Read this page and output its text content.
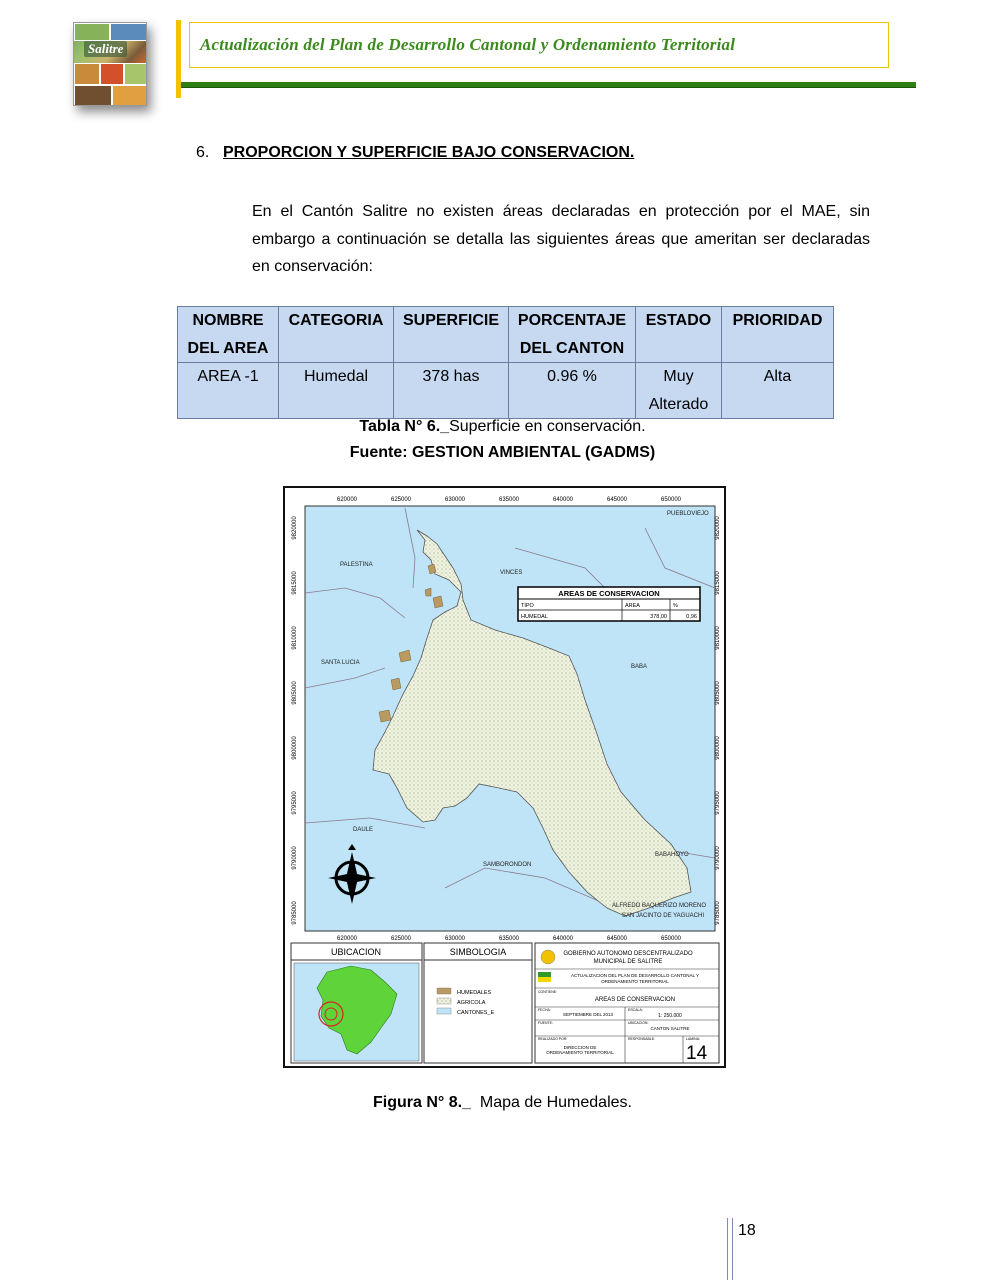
Salitre	Actualización del Plan de Desarrollo Cantonal y Ordenamiento Territorial
6. PROPORCION Y SUPERFICIE BAJO CONSERVACION.
En el Cantón Salitre no existen áreas declaradas en protección por el MAE, sin embargo a continuación se detalla las siguientes áreas que ameritan ser declaradas en conservación:
NOMBRE DEL AREA	CATEGORIA	SUPERFICIE	PORCENTAJE DEL CANTON	ESTADO	PRIORIDAD
AREA -1	Humedal	378 has	0.96 %	Muy Alterado	Alta
Tabla N° 6._Superficie en conservación.
Fuente: GESTION AMBIENTAL (GADMS)
620000	625000	630000	635000	640000	645000	650000
620000	625000	630000	635000	640000	645000	650000
9820000
9815000
9810000
9805000
9800000
9795000
9790000
9785000
9820000
9815000
9810000
9805000
9800000
9795000
9790000
9785000
PUEBLOVIEJO
PALESTINA
VINCES
SANTA LUCIA
BABA
DAULE
BABAHOYO
SAMBORONDON
ALFREDO BAQUERIZO MORENO
SAN JACINTO DE YAGUACHI
AREAS DE CONSERVACION
TIPO	AREA	%
HUMEDAL	378,00	0,96
UBICACION	SIMBOLOGIA
HUMEDALES
AGRICOLA
CANTONES_E
GOBIERNO AUTONOMO DESCENTRALIZADO
MUNICIPAL DE SALITRE
ACTUALIZACION DEL PLAN DE DESARROLLO CANTONAL Y
ORDENAMIENTO TERRITORIAL
CONTIENE:
AREAS DE CONSERVACION
FECHA:
SEPTIEMBRE DEL 2013
ESCALA:
1: 250.000
FUENTE:	UBICACION:
CANTON SALITRE
REALIZADO POR:
DIRECCION DE
ORDENAMIENTO TERRITORIAL
RESPONSABLE:	LAMINA:
14
Figura N° 8._ Mapa de Humedales.
18
